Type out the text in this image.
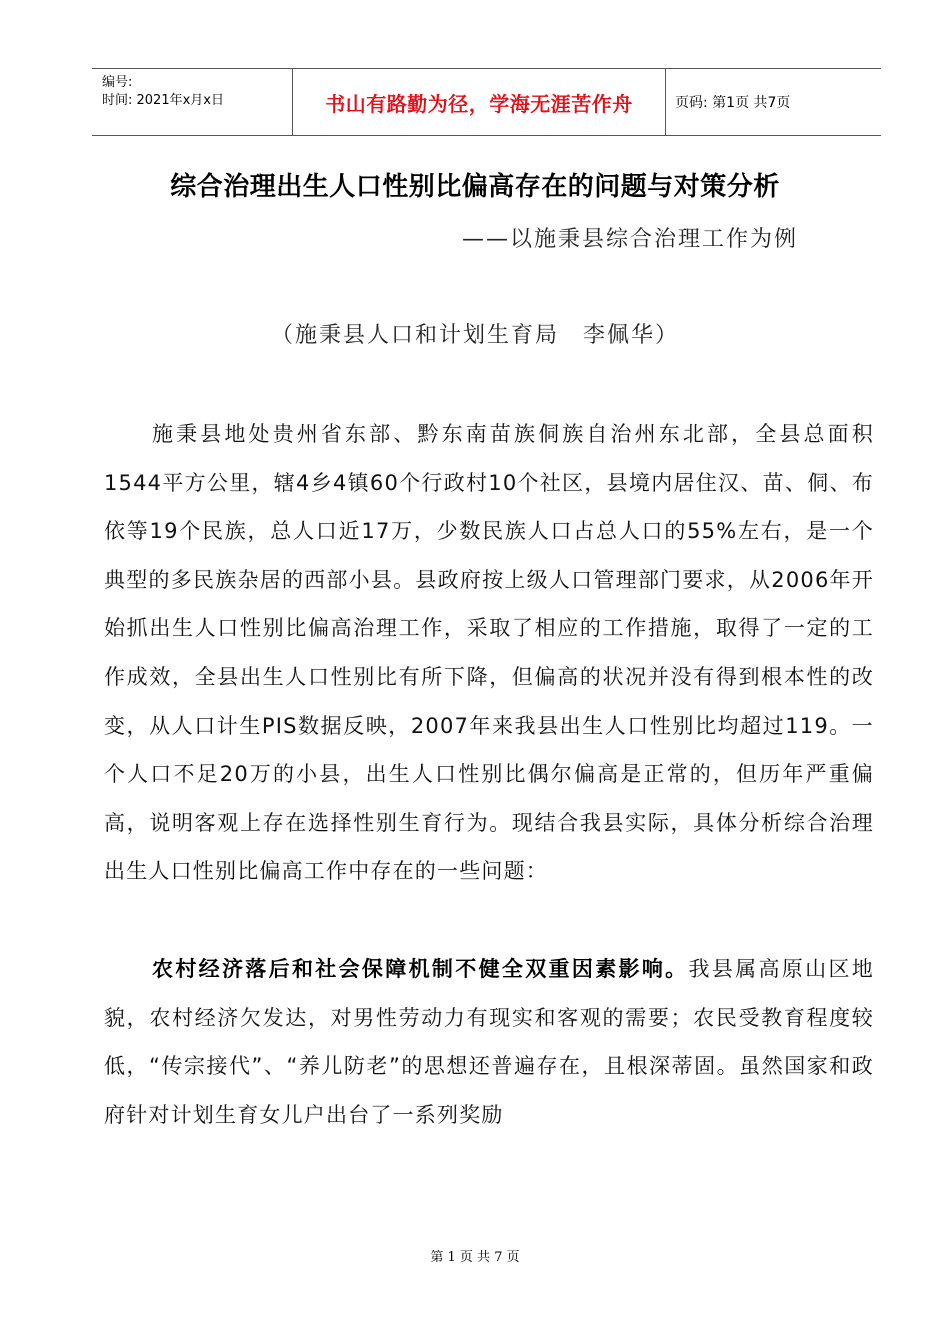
编号:
时间: 2021年x月x日	书山有路勤为径，学海无涯苦作舟	页码: 第1页 共7页
综合治理出生人口性别比偏高存在的问题与对策分析
——以施秉县综合治理工作为例
（施秉县人口和计划生育局　李佩华）

施秉县地处贵州省东部、黔东南苗族侗族自治州东北部，全县总面积1544平方公里，辖4乡4镇60个行政村10个社区，县境内居住汉、苗、侗、布依等19个民族，总人口近17万，少数民族人口占总人口的55%左右，是一个典型的多民族杂居的西部小县。县政府按上级人口管理部门要求，从2006年开始抓出生人口性别比偏高治理工作，采取了相应的工作措施，取得了一定的工作成效，全县出生人口性别比有所下降，但偏高的状况并没有得到根本性的改变，从人口计生PIS数据反映，2007年来我县出生人口性别比均超过119。一个人口不足20万的小县，出生人口性别比偶尔偏高是正常的，但历年严重偏高，说明客观上存在选择性别生育行为。现结合我县实际，具体分析综合治理出生人口性别比偏高工作中存在的一些问题：

农村经济落后和社会保障机制不健全双重因素影响。我县属高原山区地貌，农村经济欠发达，对男性劳动力有现实和客观的需要；农民受教育程度较低，“传宗接代”、“养儿防老”的思想还普遍存在，且根深蒂固。虽然国家和政府针对计划生育女儿户出台了一系列奖励

第 1 页 共 7 页
